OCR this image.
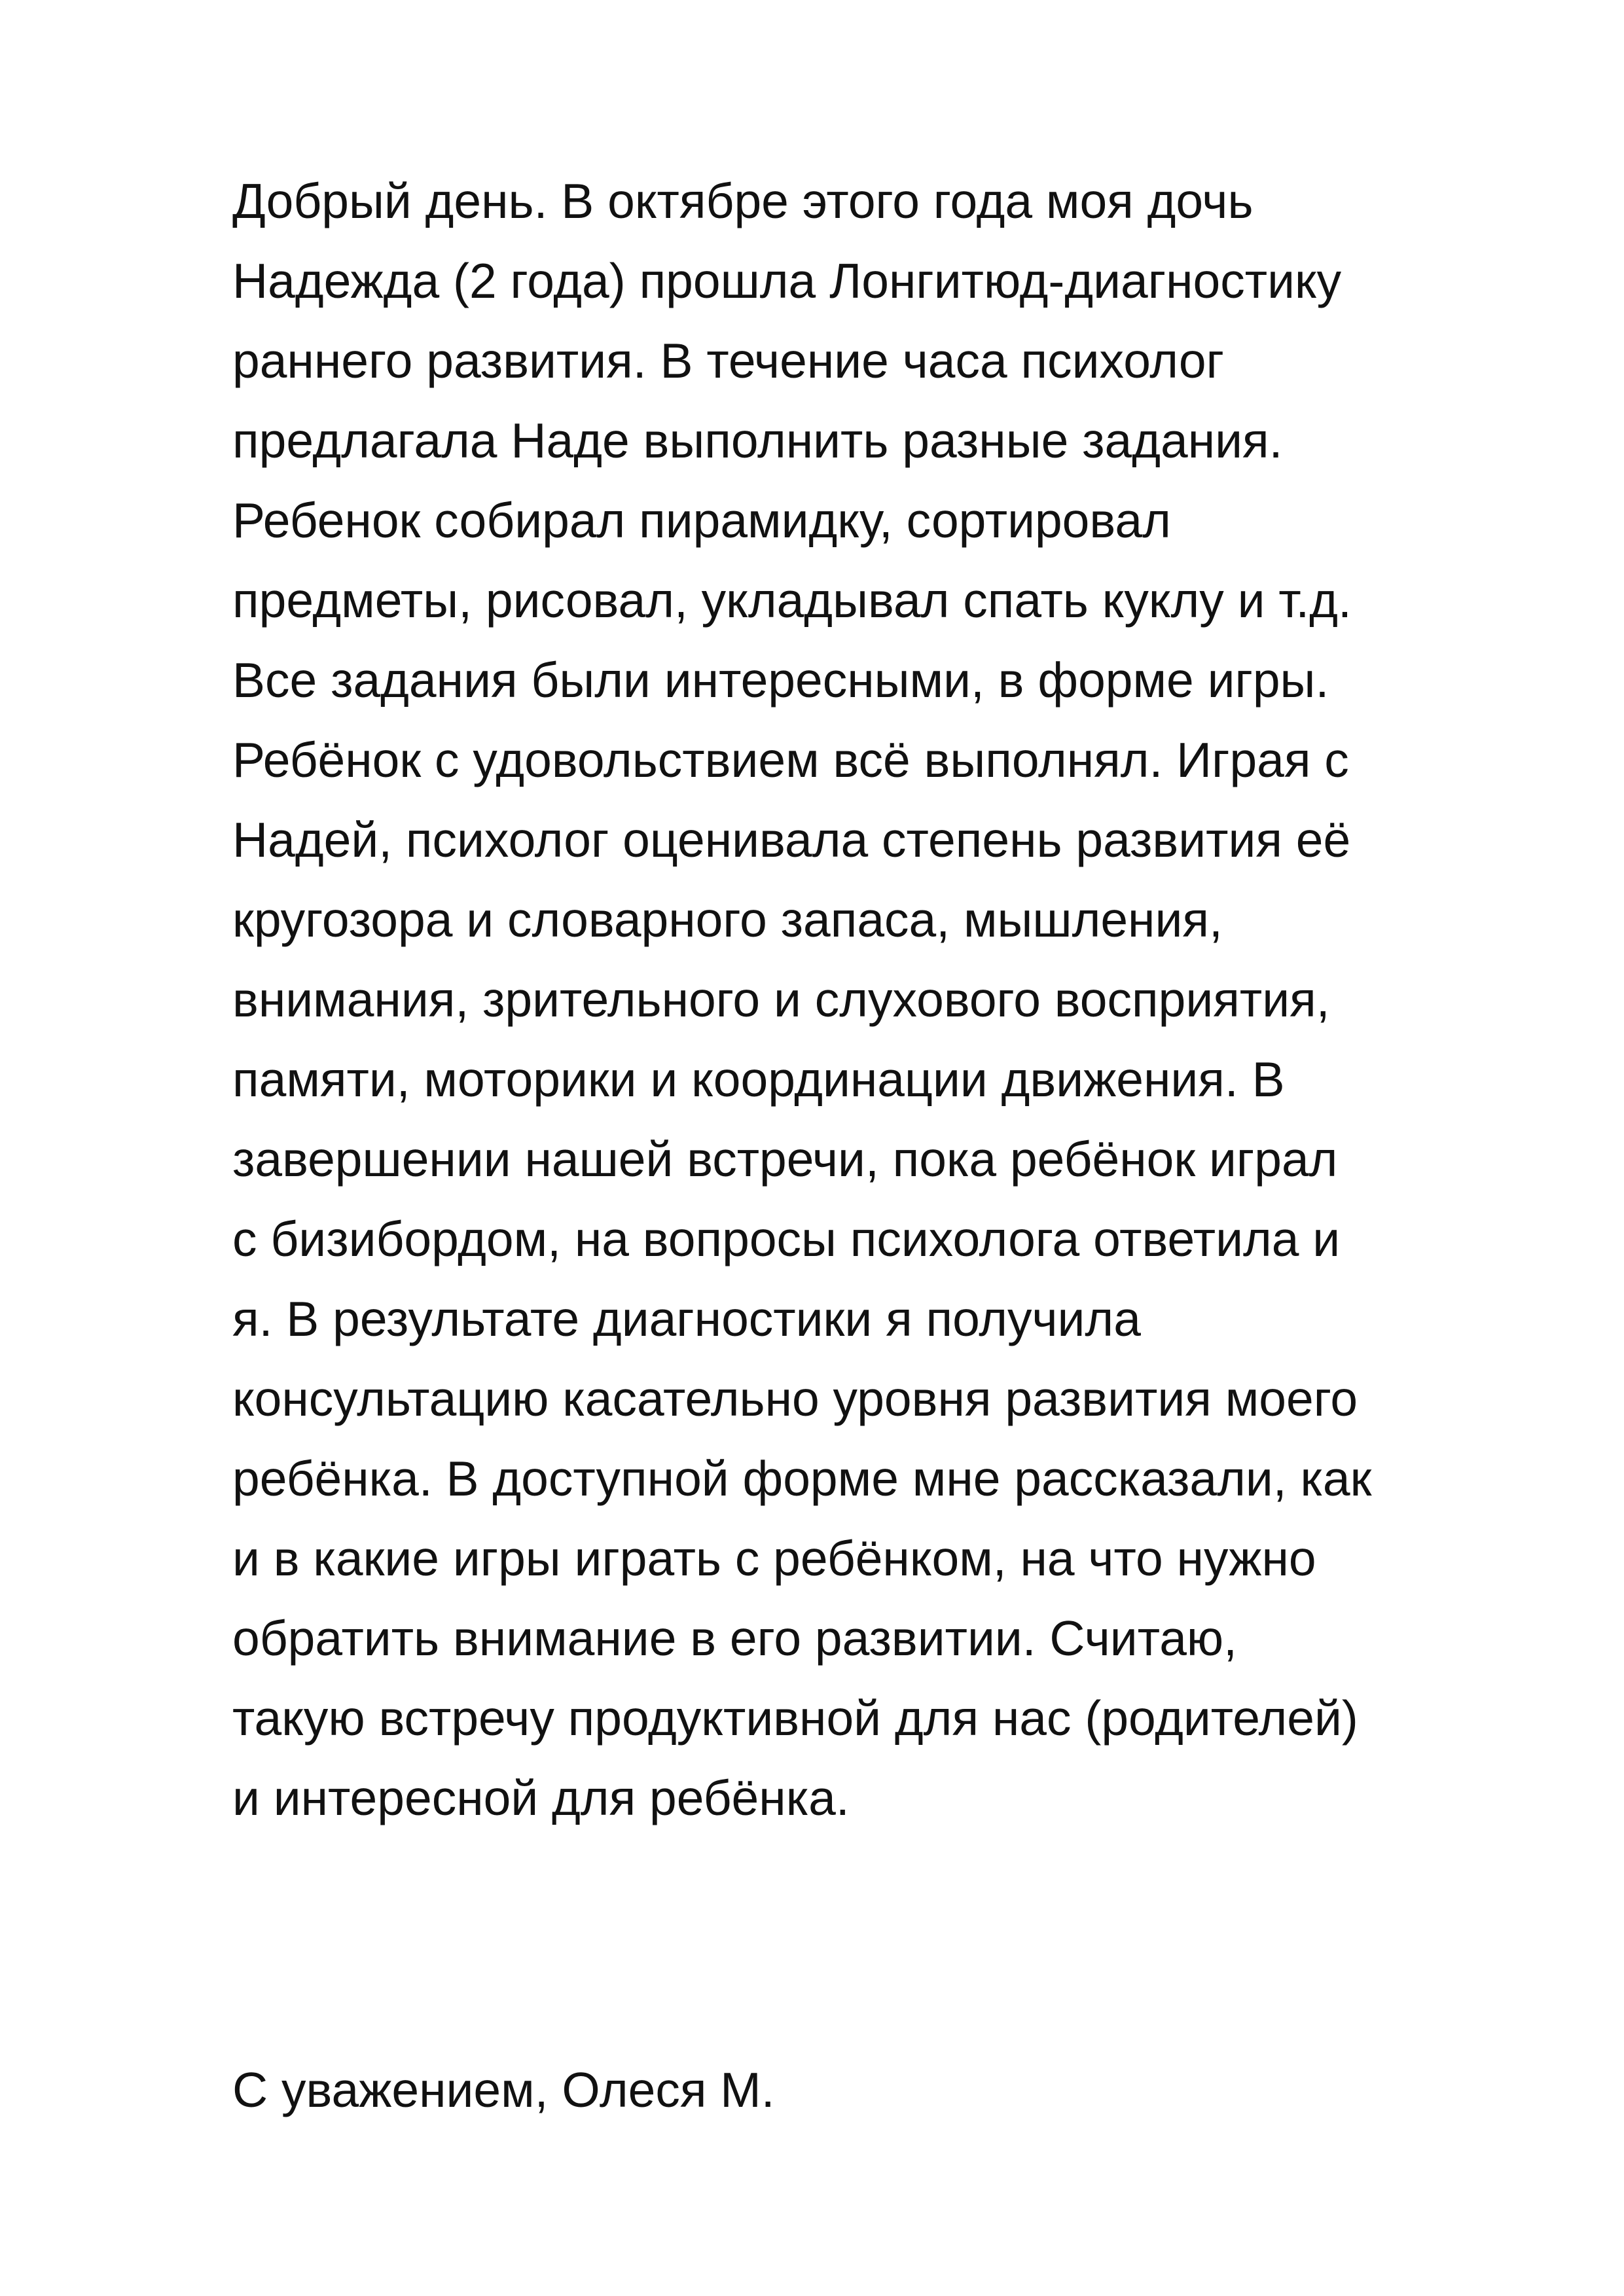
Добрый день. В октябре этого года моя дочь
Надежда (2 года) прошла Лонгитюд-диагностику
раннего развития. В течение часа психолог
предлагала Наде выполнить разные задания.
Ребенок собирал пирамидку, сортировал
предметы, рисовал, укладывал спать куклу и т.д.
Все задания были интересными, в форме игры.
Ребёнок с удовольствием всё выполнял. Играя с
Надей, психолог оценивала степень развития её
кругозора и словарного запаса, мышления,
внимания, зрительного и слухового восприятия,
памяти, моторики и координации движения. В
завершении нашей встречи, пока ребёнок играл
с бизибордом, на вопросы психолога ответила и
я. В результате диагностики я получила
консультацию касательно уровня развития моего
ребёнка. В доступной форме мне рассказали, как
и в какие игры играть с ребёнком, на что нужно
обратить внимание в его развитии. Считаю,
такую встречу продуктивной для нас (родителей)
и интересной для ребёнка.
С уважением, Олеся М.
